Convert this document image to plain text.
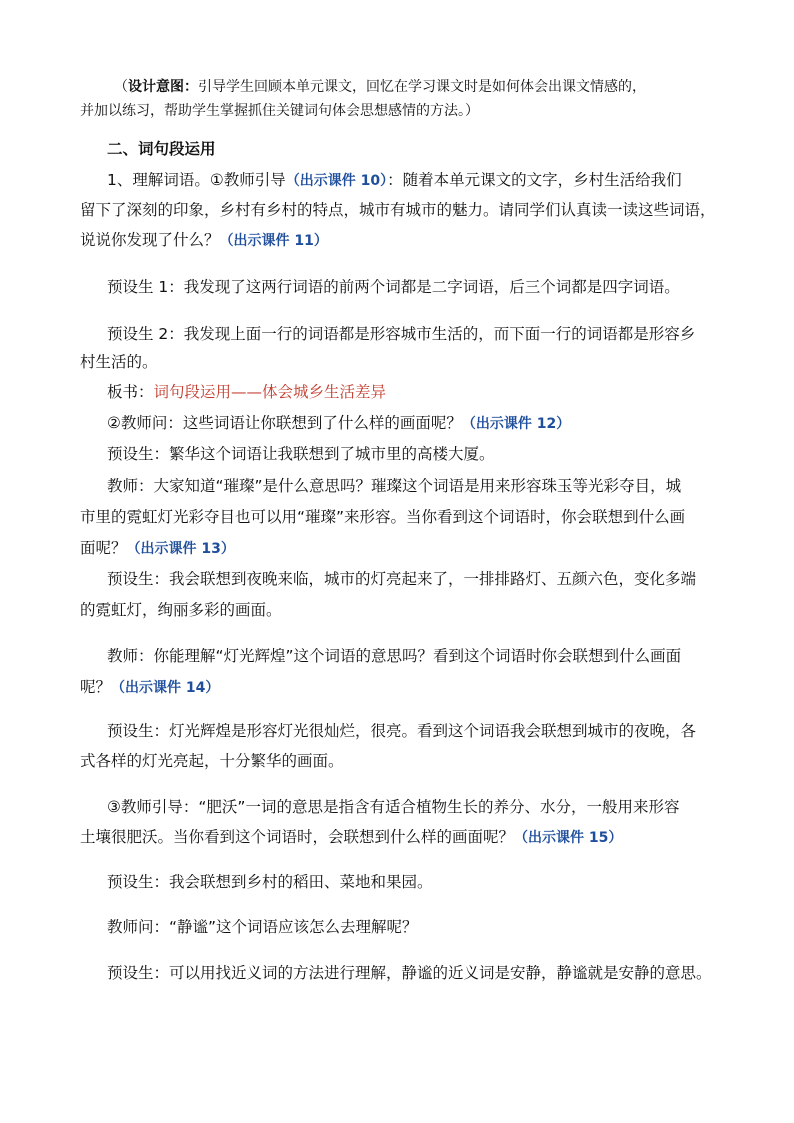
（设计意图：引导学生回顾本单元课文，回忆在学习课文时是如何体会出课文情感的，
并加以练习，帮助学生掌握抓住关键词句体会思想感情的方法。）
二、词句段运用
1、理解词语。①教师引导（出示课件 10）：随着本单元课文的文字，乡村生活给我们
留下了深刻的印象，乡村有乡村的特点，城市有城市的魅力。请同学们认真读一读这些词语，
说说你发现了什么？（出示课件 11）
预设生 1：我发现了这两行词语的前两个词都是二字词语，后三个词都是四字词语。
预设生 2：我发现上面一行的词语都是形容城市生活的，而下面一行的词语都是形容乡
村生活的。
板书：词句段运用——体会城乡生活差异
②教师问：这些词语让你联想到了什么样的画面呢？（出示课件 12）
预设生：繁华这个词语让我联想到了城市里的高楼大厦。
教师：大家知道“璀璨”是什么意思吗？璀璨这个词语是用来形容珠玉等光彩夺目，城
市里的霓虹灯光彩夺目也可以用“璀璨”来形容。当你看到这个词语时，你会联想到什么画
面呢？（出示课件 13）
预设生：我会联想到夜晚来临，城市的灯亮起来了，一排排路灯、五颜六色，变化多端
的霓虹灯，绚丽多彩的画面。
教师：你能理解“灯光辉煌”这个词语的意思吗？看到这个词语时你会联想到什么画面
呢？（出示课件 14）
预设生：灯光辉煌是形容灯光很灿烂，很亮。看到这个词语我会联想到城市的夜晚，各
式各样的灯光亮起，十分繁华的画面。
③教师引导：“肥沃”一词的意思是指含有适合植物生长的养分、水分，一般用来形容
土壤很肥沃。当你看到这个词语时，会联想到什么样的画面呢？（出示课件 15）
预设生：我会联想到乡村的稻田、菜地和果园。
教师问：“静谧”这个词语应该怎么去理解呢？
预设生：可以用找近义词的方法进行理解，静谧的近义词是安静，静谧就是安静的意思。
